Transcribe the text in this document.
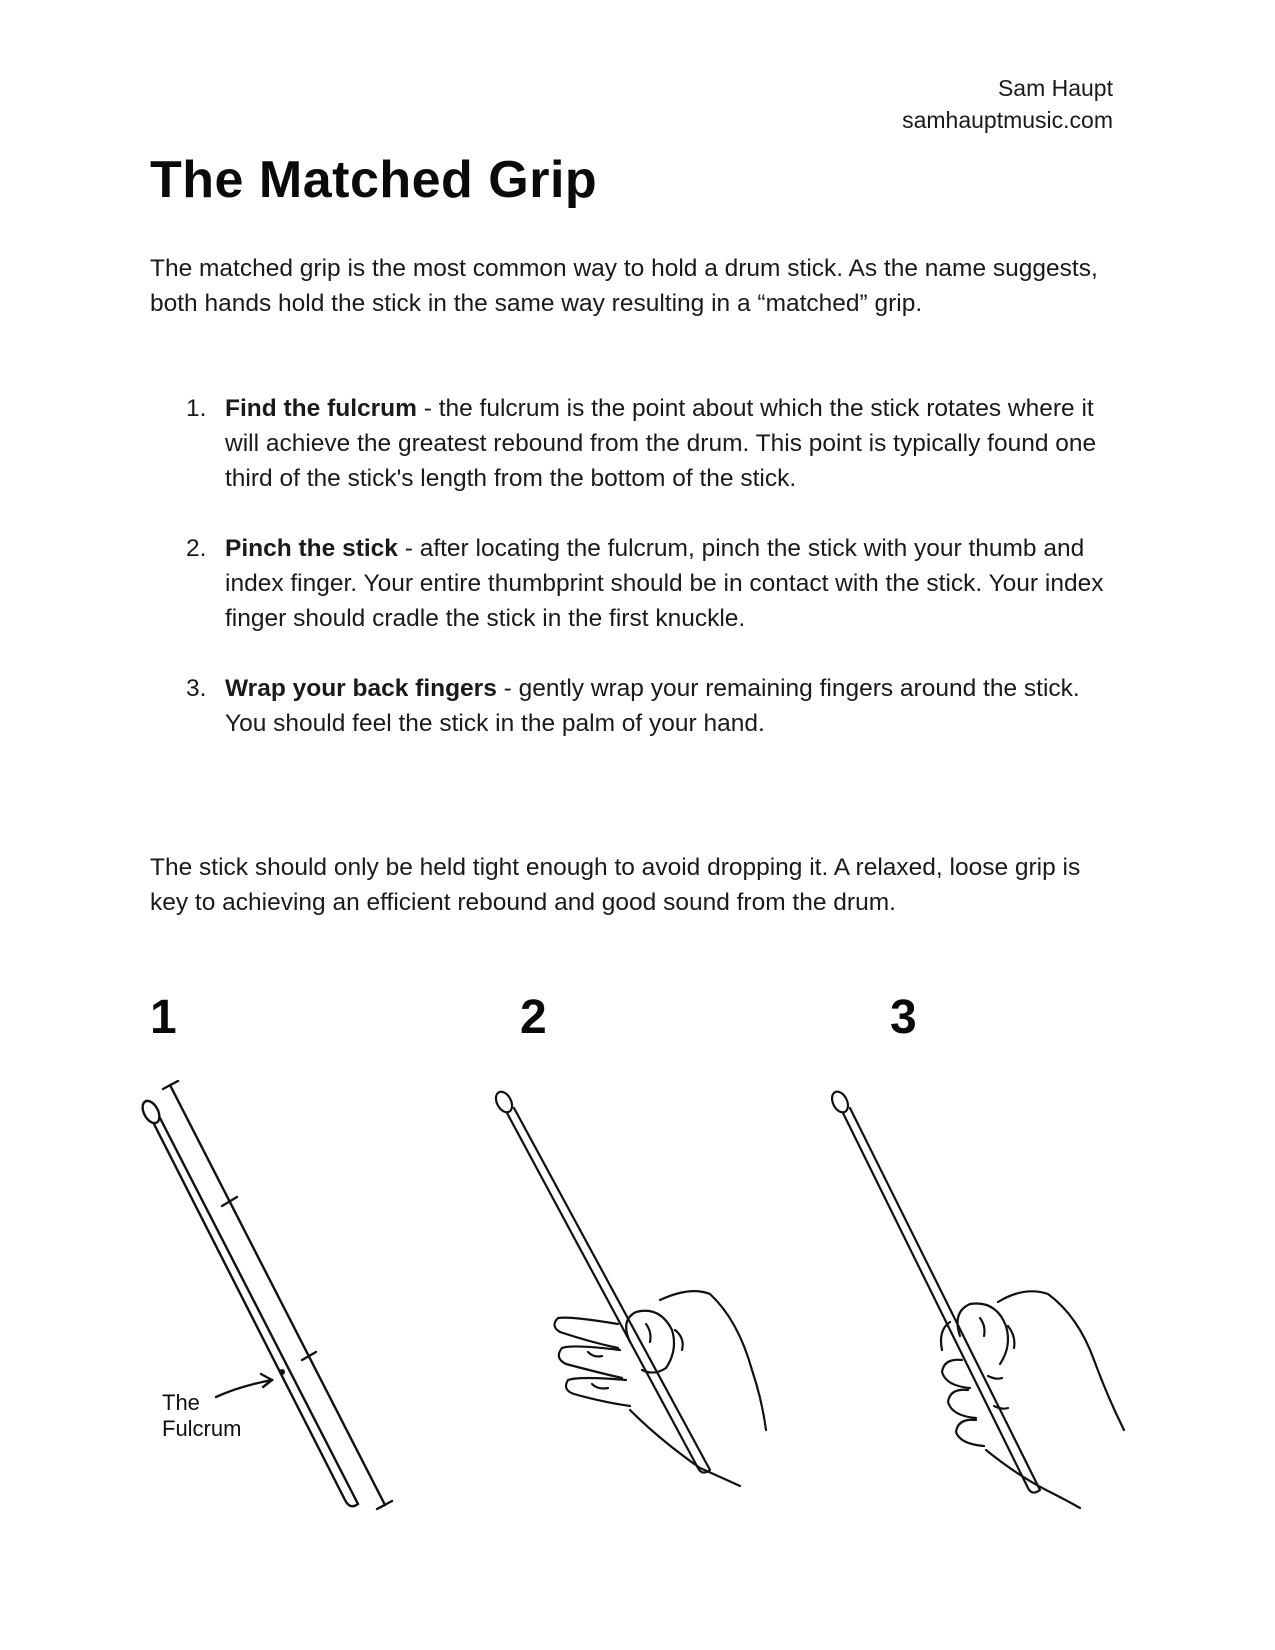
Sam Haupt
samhauptmusic.com
The Matched Grip

The matched grip is the most common way to hold a drum stick. As the name suggests, both hands hold the stick in the same way resulting in a “matched” grip.

1. Find the fulcrum - the fulcrum is the point about which the stick rotates where it will achieve the greatest rebound from the drum. This point is typically found one third of the stick's length from the bottom of the stick.
2. Pinch the stick - after locating the fulcrum, pinch the stick with your thumb and index finger. Your entire thumbprint should be in contact with the stick. Your index finger should cradle the stick in the first knuckle.
3. Wrap your back fingers - gently wrap your remaining fingers around the stick. You should feel the stick in the palm of your hand.

The stick should only be held tight enough to avoid dropping it. A relaxed, loose grip is key to achieving an efficient rebound and good sound from the drum.

1	2	3
The
Fulcrum
